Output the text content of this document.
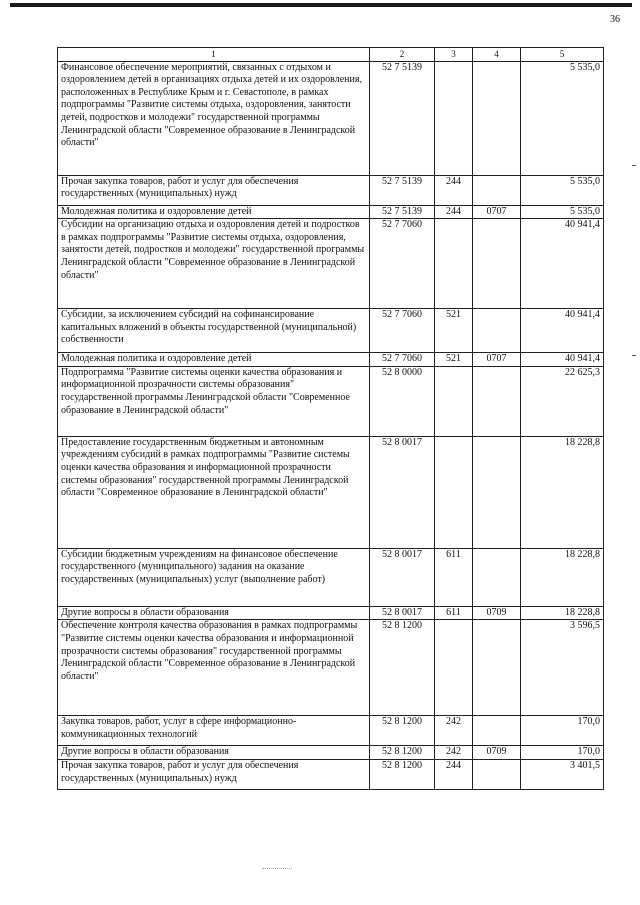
36
1	2	3	4	5
Финансовое обеспечение мероприятий, связанных с отдыхом и оздоровлением детей в организациях отдыха детей и их оздоровления, расположенных в Республике Крым и г. Севастополе, в рамках подпрограммы "Развитие системы отдыха, оздоровления, занятости детей, подростков и молодежи" государственной программы Ленинградской области "Современное образование в Ленинградской области"	52 7 5139			5 535,0
Прочая закупка товаров, работ и услуг для обеспечения государственных (муниципальных) нужд	52 7 5139	244		5 535,0
Молодежная политика и оздоровление детей	52 7 5139	244	0707	5 535,0
Субсидии на организацию отдыха и оздоровления детей и подростков в рамках подпрограммы "Развитие системы отдыха, оздоровления, занятости детей, подростков и молодежи" государственной программы Ленинградской области "Современное образование в Ленинградской области"	52 7 7060			40 941,4
Субсидии, за исключением субсидий на софинансирование капитальных вложений в объекты государственной (муниципальной) собственности	52 7 7060	521		40 941,4
Молодежная политика и оздоровление детей	52 7 7060	521	0707	40 941,4
Подпрограмма "Развитие системы оценки качества образования и информационной прозрачности системы образования" государственной программы Ленинградской области "Современное образование в Ленинградской области"	52 8 0000			22 625,3
Предоставление государственным бюджетным и автономным учреждениям субсидий в рамках подпрограммы "Развитие системы оценки качества образования и информационной прозрачности системы образования" государственной программы Ленинградской области "Современное образование в Ленинградской области"	52 8 0017			18 228,8
Субсидии бюджетным учреждениям на финансовое обеспечение государственного (муниципального) задания на оказание государственных (муниципальных) услуг (выполнение работ)	52 8 0017	611		18 228,8
Другие вопросы в области образования	52 8 0017	611	0709	18 228,8
Обеспечение контроля качества образования в рамках подпрограммы "Развитие системы оценки качества образования и информационной прозрачности системы образования" государственной программы Ленинградской области "Современное образование в Ленинградской области"	52 8 1200			3 596,5
Закупка товаров, работ, услуг в сфере информационно-коммуникационных технологий	52 8 1200	242		170,0
Другие вопросы в области образования	52 8 1200	242	0709	170,0
Прочая закупка товаров, работ и услуг для обеспечения государственных (муниципальных) нужд	52 8 1200	244		3 401,5
